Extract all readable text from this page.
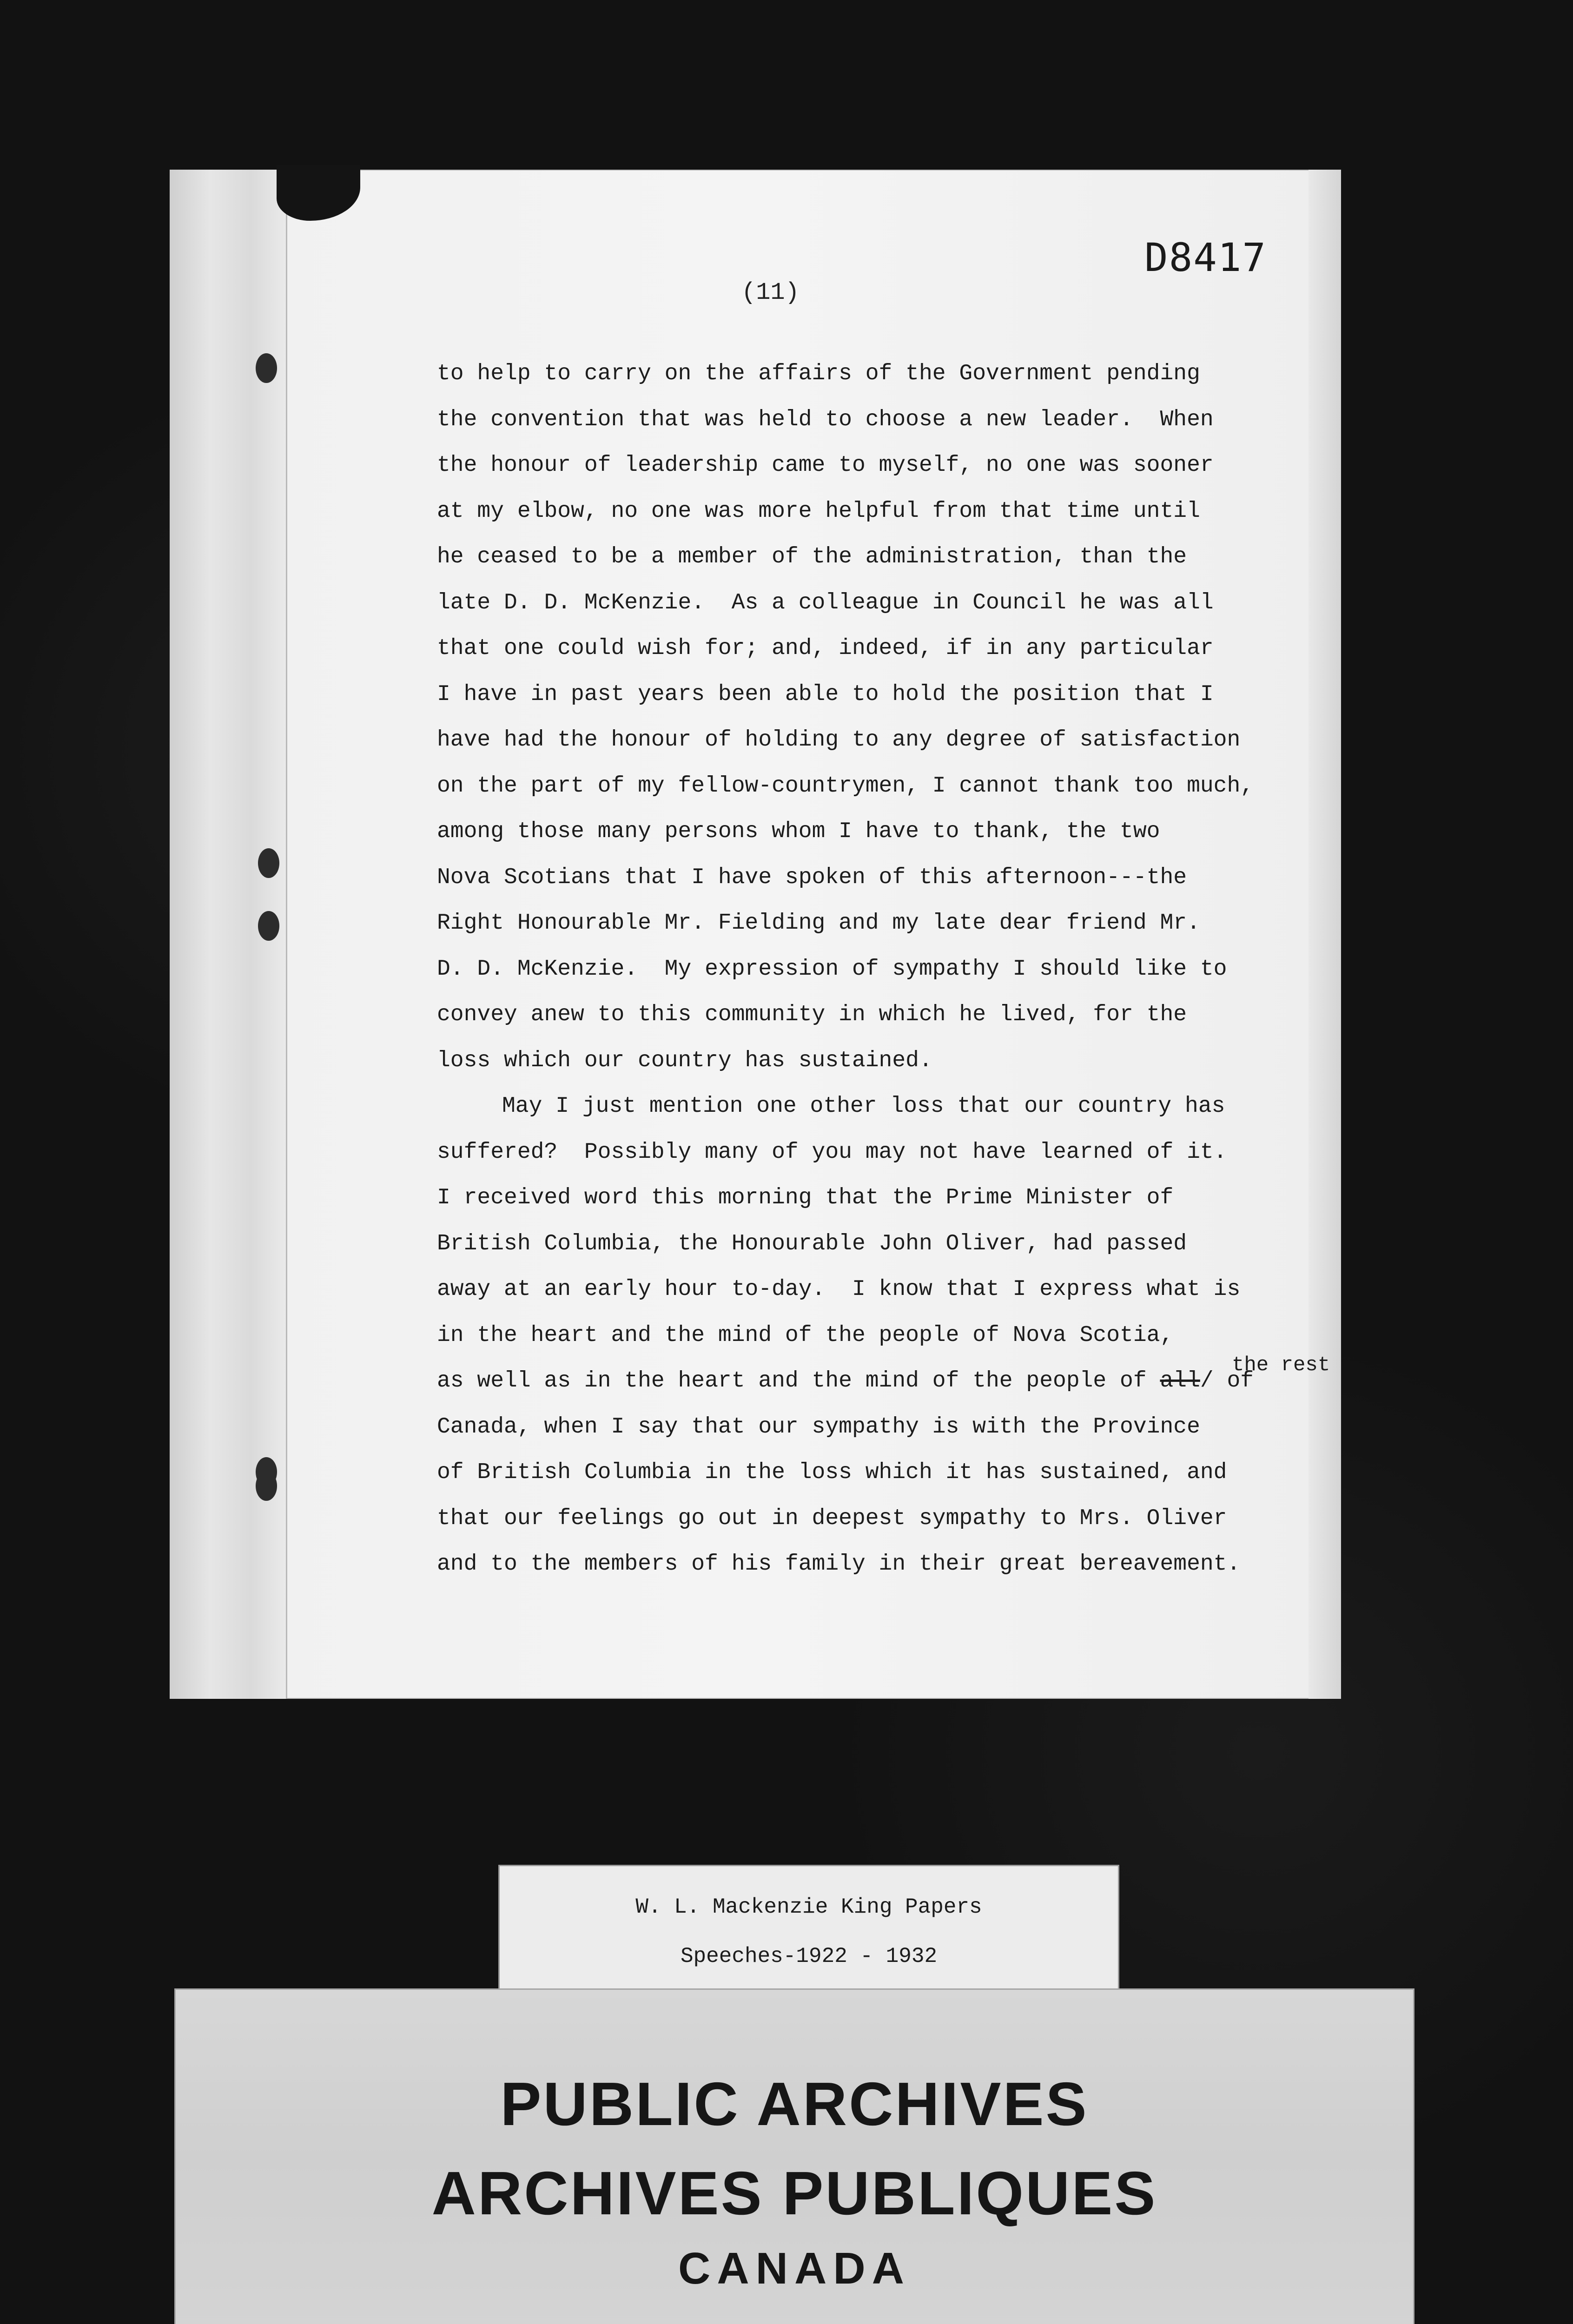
D8417
(11)
to help to carry on the affairs of the Government pending
the convention that was held to choose a new leader.  When
the honour of leadership came to myself, no one was sooner
at my elbow, no one was more helpful from that time until
he ceased to be a member of the administration, than the
late D. D. McKenzie.  As a colleague in Council he was all
that one could wish for; and, indeed, if in any particular
I have in past years been able to hold the position that I
have had the honour of holding to any degree of satisfaction
on the part of my fellow-countrymen, I cannot thank too much,
among those many persons whom I have to thank, the two
Nova Scotians that I have spoken of this afternoon---the
Right Honourable Mr. Fielding and my late dear friend Mr.
D. D. McKenzie.  My expression of sympathy I should like to
convey anew to this community in which he lived, for the
loss which our country has sustained.
May I just mention one other loss that our country has
suffered?  Possibly many of you may not have learned of it.
I received word this morning that the Prime Minister of
British Columbia, the Honourable John Oliver, had passed
away at an early hour to-day.  I know that I express what is
in the heart and the mind of the people of Nova Scotia,
as well as in the heart and the mind of the people of all/ of
Canada, when I say that our sympathy is with the Province
of British Columbia in the loss which it has sustained, and
that our feelings go out in deepest sympathy to Mrs. Oliver
and to the members of his family in their great bereavement.
the rest
W. L. Mackenzie King Papers
Speeches-1922 - 1932
PUBLIC ARCHIVES
ARCHIVES PUBLIQUES
CANADA
